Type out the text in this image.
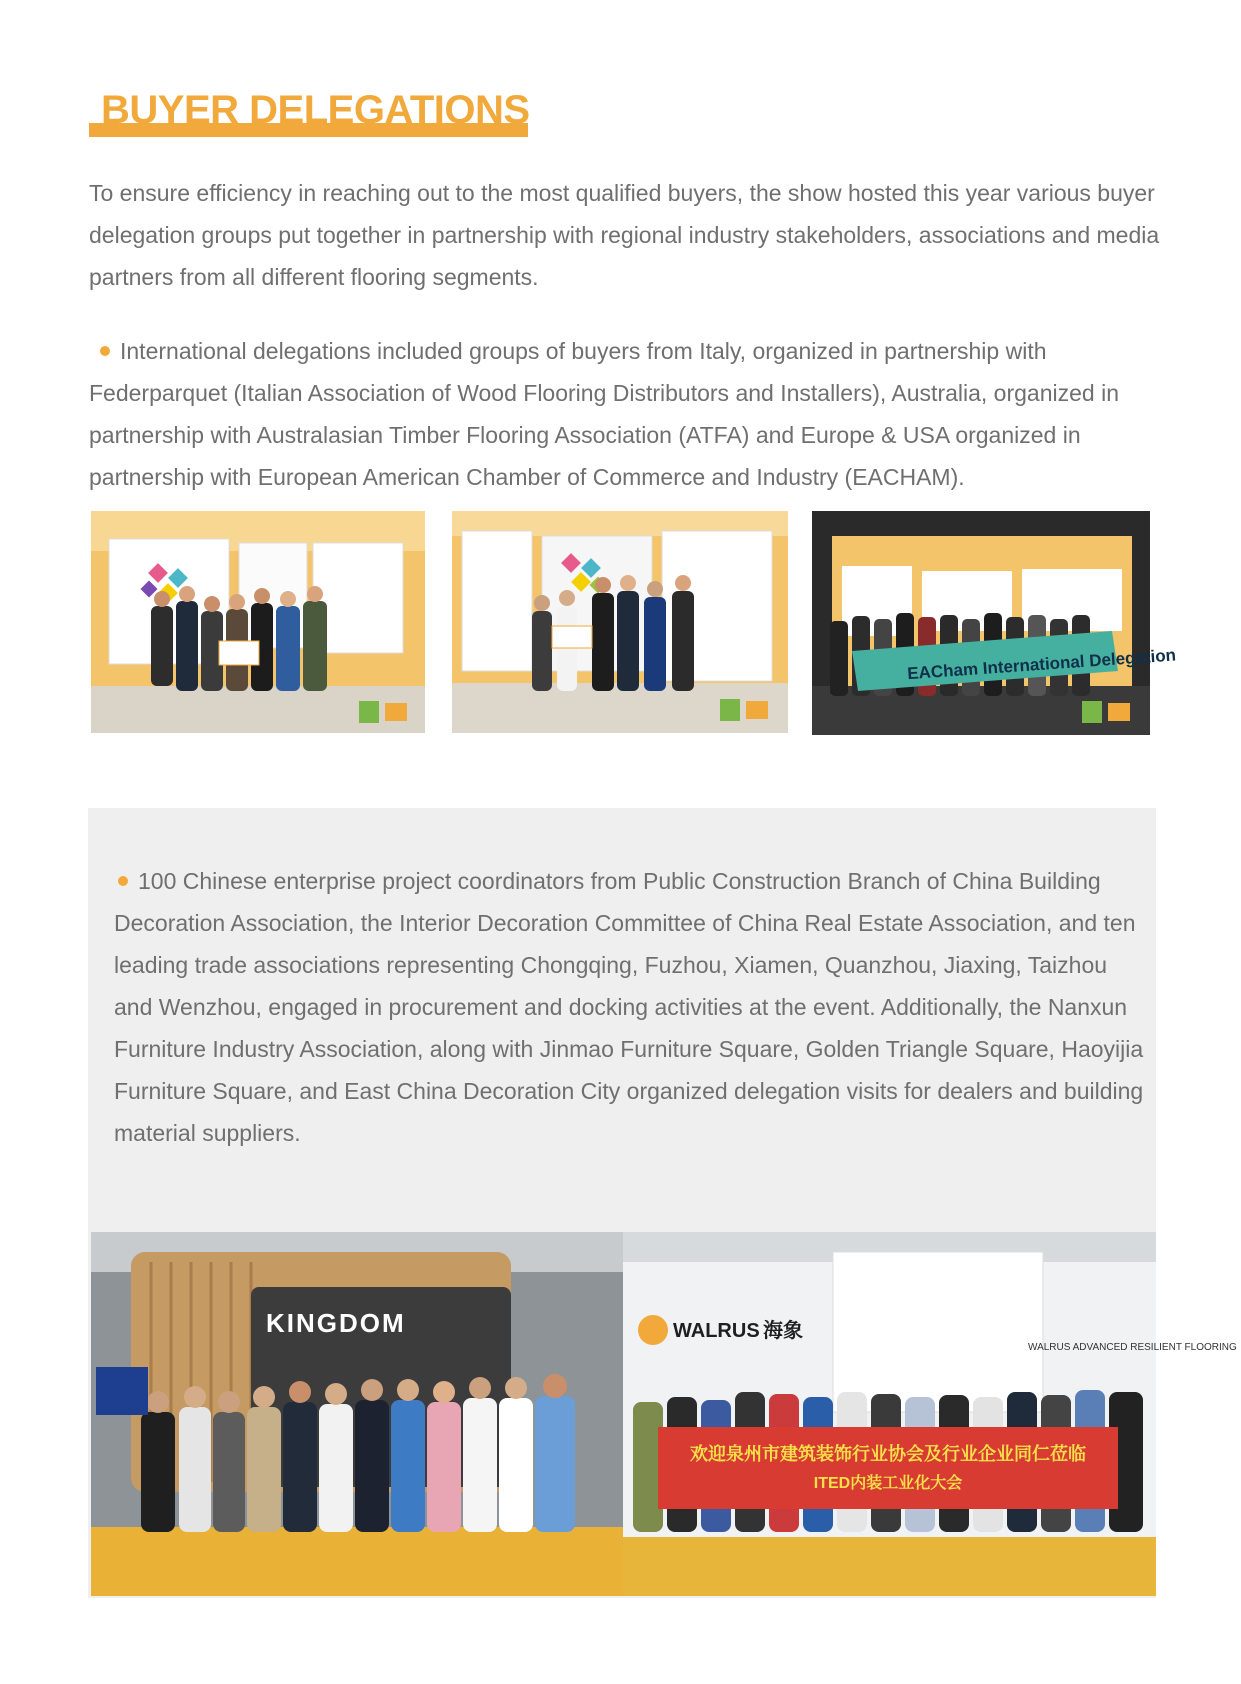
BUYER DELEGATIONS

To ensure efficiency in reaching out to the most qualified buyers, the show hosted this year various buyer delegation groups put together in partnership with regional industry stakeholders, associations and media partners from all different flooring segments.

International delegations included groups of buyers from Italy, organized in partnership with Federparquet (Italian Association of Wood Flooring Distributors and Installers), Australia, organized in partnership with Australasian Timber Flooring Association (ATFA) and Europe & USA organized in partnership with European American Chamber of Commerce and Industry (EACHAM).

EACham International Delegation

100 Chinese enterprise project coordinators from Public Construction Branch of China Building Decoration Association, the Interior Decoration Committee of China Real Estate Association, and ten leading trade associations representing Chongqing, Fuzhou, Xiamen, Quanzhou, Jiaxing, Taizhou and Wenzhou, engaged in procurement and docking activities at the event. Additionally, the Nanxun Furniture Industry Association, along with Jinmao Furniture Square, Golden Triangle Square, Haoyijia Furniture Square, and East China Decoration City organized delegation visits for dealers and building material suppliers.

KINGDOM	WALRUS 海象
WALRUS ADVANCED RESILIENT FLOORING
欢迎泉州市建筑装饰行业协会及行业企业同仁莅临
ITED内装工业化大会
